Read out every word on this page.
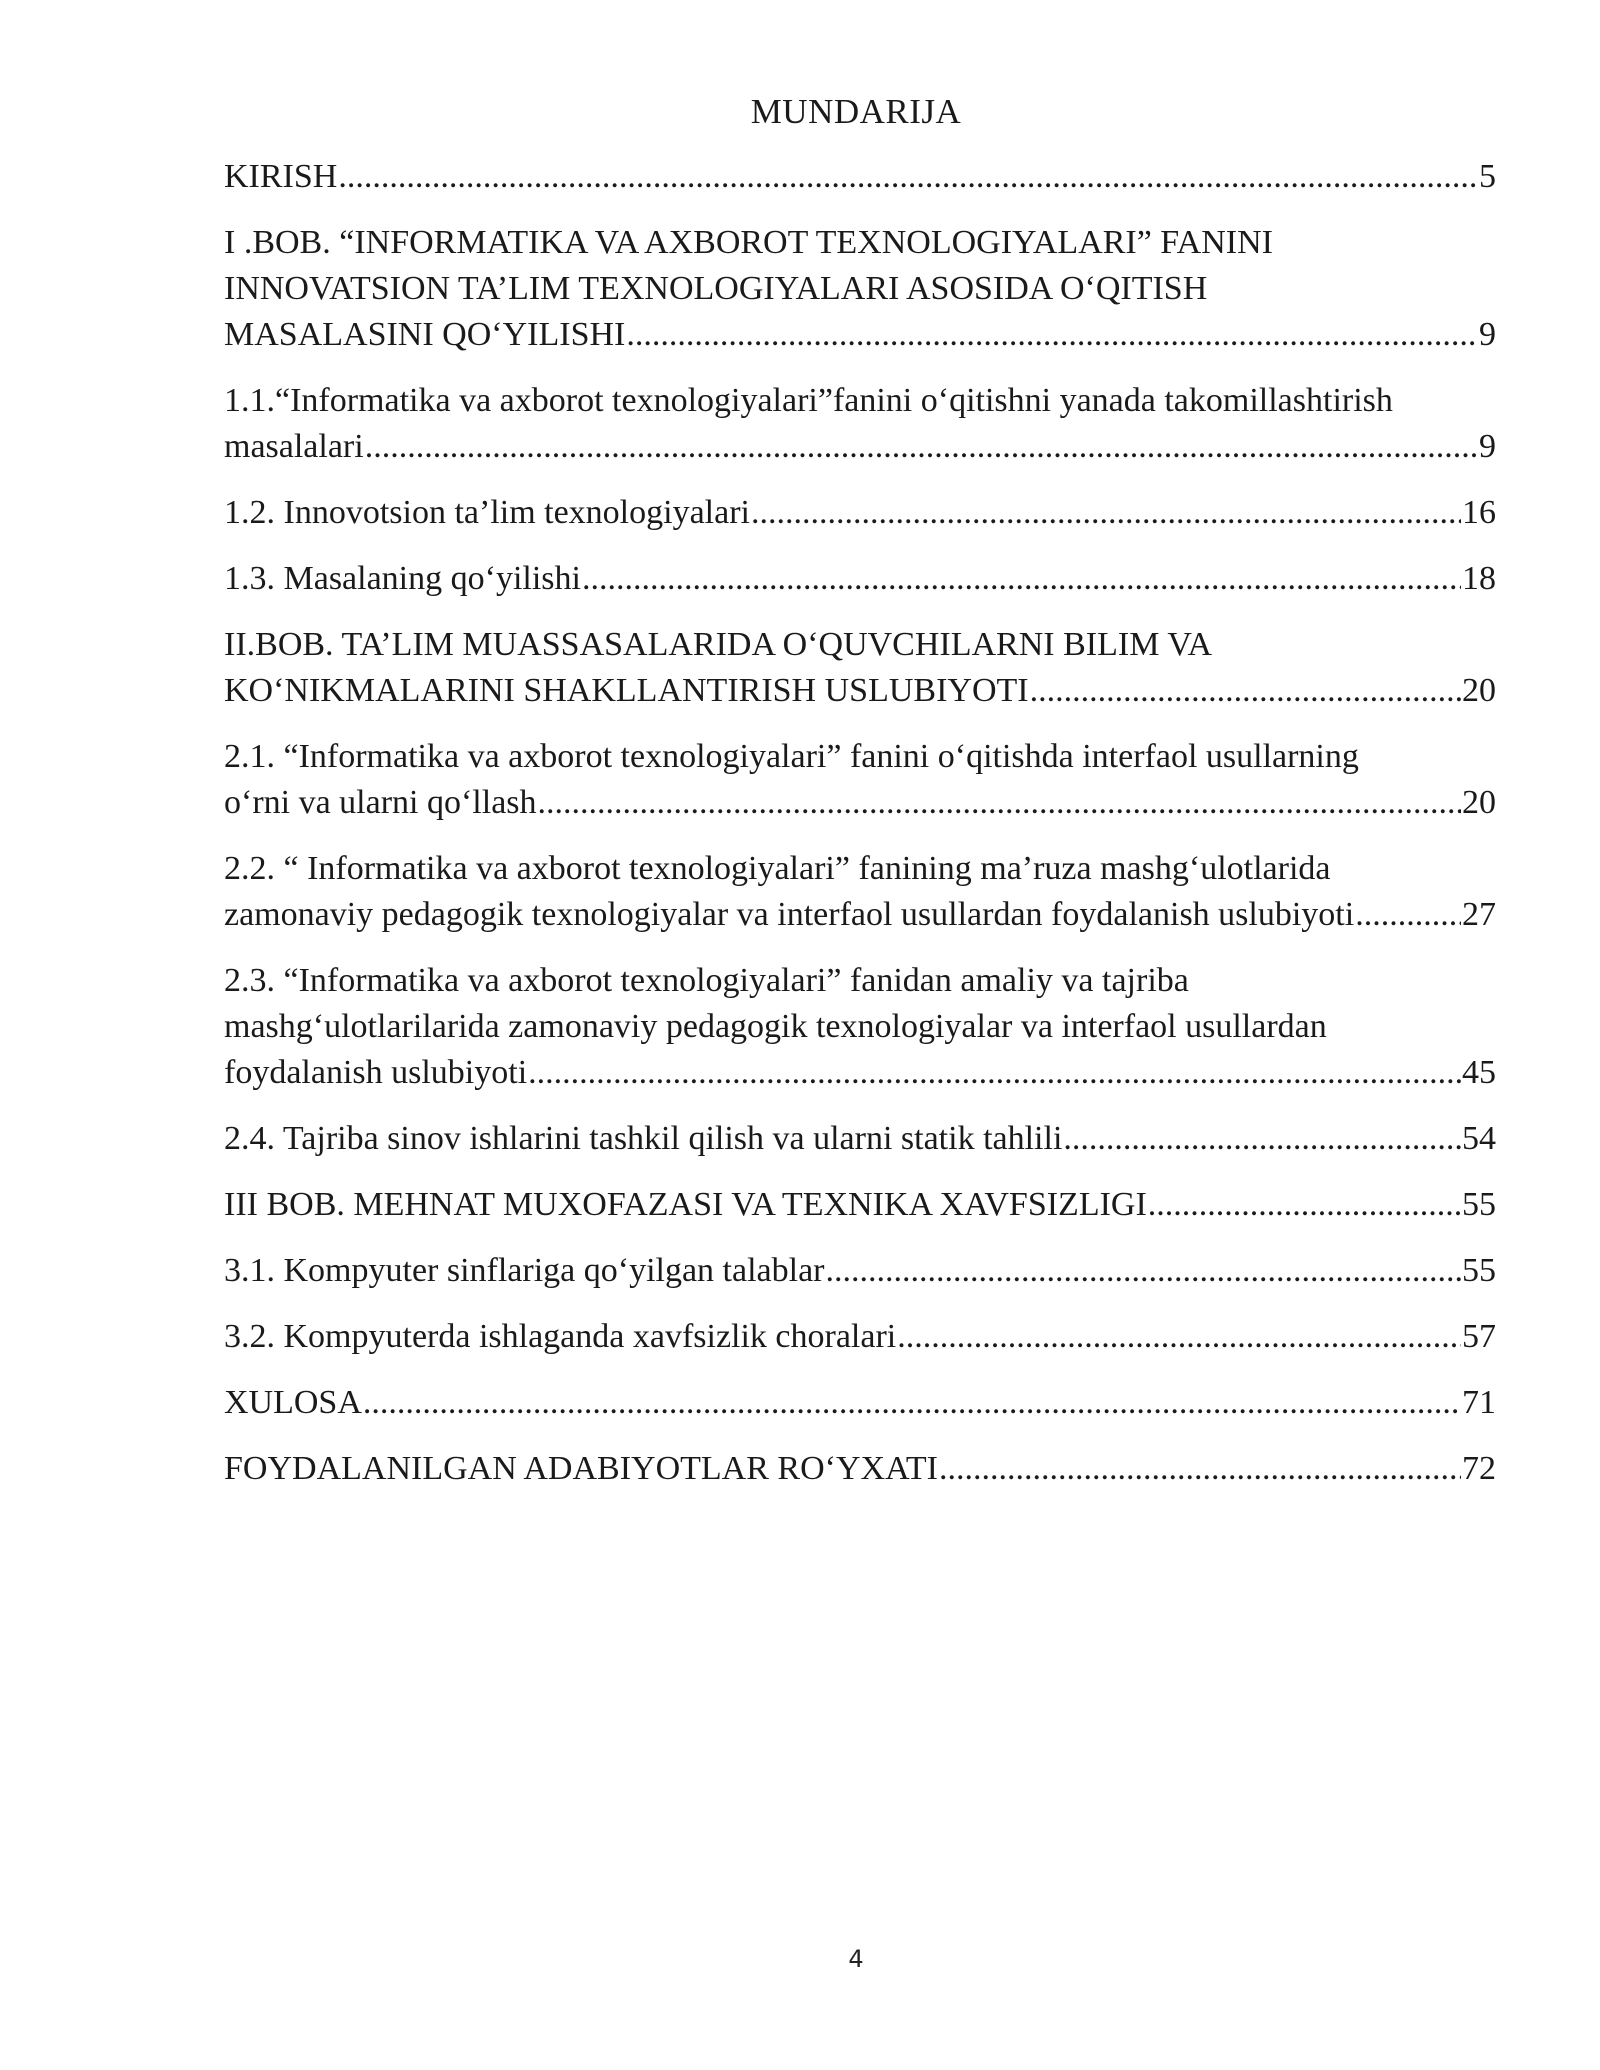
MUNDARIJA
KIRISH .....	5
I .BOB. “INFORMATIKA VA AXBOROT TEXNOLOGIYALARI” FANINI
INNOVATSION TA’LIM TEXNOLOGIYALARI ASOSIDA O‘QITISH
MASALASINI QO‘YILISHI .....	9
1.1.“Informatika va axborot texnologiyalari”fanini o‘qitishni yanada takomillashtirish
masalalari .....	9
1.2. Innovotsion ta’lim texnologiyalari .....	16
1.3. Masalaning qo‘yilishi .....	18
II.BOB. TA’LIM MUASSASALARIDA O‘QUVCHILARNI BILIM VA
KO‘NIKMALARINI SHAKLLANTIRISH USLUBIYOTI .....	20
2.1. “Informatika va axborot texnologiyalari” fanini o‘qitishda interfaol usullarning
o‘rni va ularni qo‘llash .....	20
2.2. “ Informatika va axborot texnologiyalari” fanining ma’ruza mashg‘ulotlarida
zamonaviy pedagogik texnologiyalar va interfaol usullardan foydalanish uslubiyoti .....	27
2.3. “Informatika va axborot texnologiyalari” fanidan amaliy va tajriba
mashg‘ulotlarilarida zamonaviy pedagogik texnologiyalar va interfaol usullardan
foydalanish uslubiyoti .....	45
2.4. Tajriba sinov ishlarini tashkil qilish va ularni statik tahlili .....	54
III BOB. MEHNAT MUXOFAZASI VA TEXNIKA XAVFSIZLIGI .....	55
3.1. Kompyuter sinflariga qo‘yilgan talablar .....	55
3.2. Kompyuterda ishlaganda xavfsizlik choralari .....	57
XULOSA .....	71
FOYDALANILGAN ADABIYOTLAR RO‘YXATI .....	72
4
